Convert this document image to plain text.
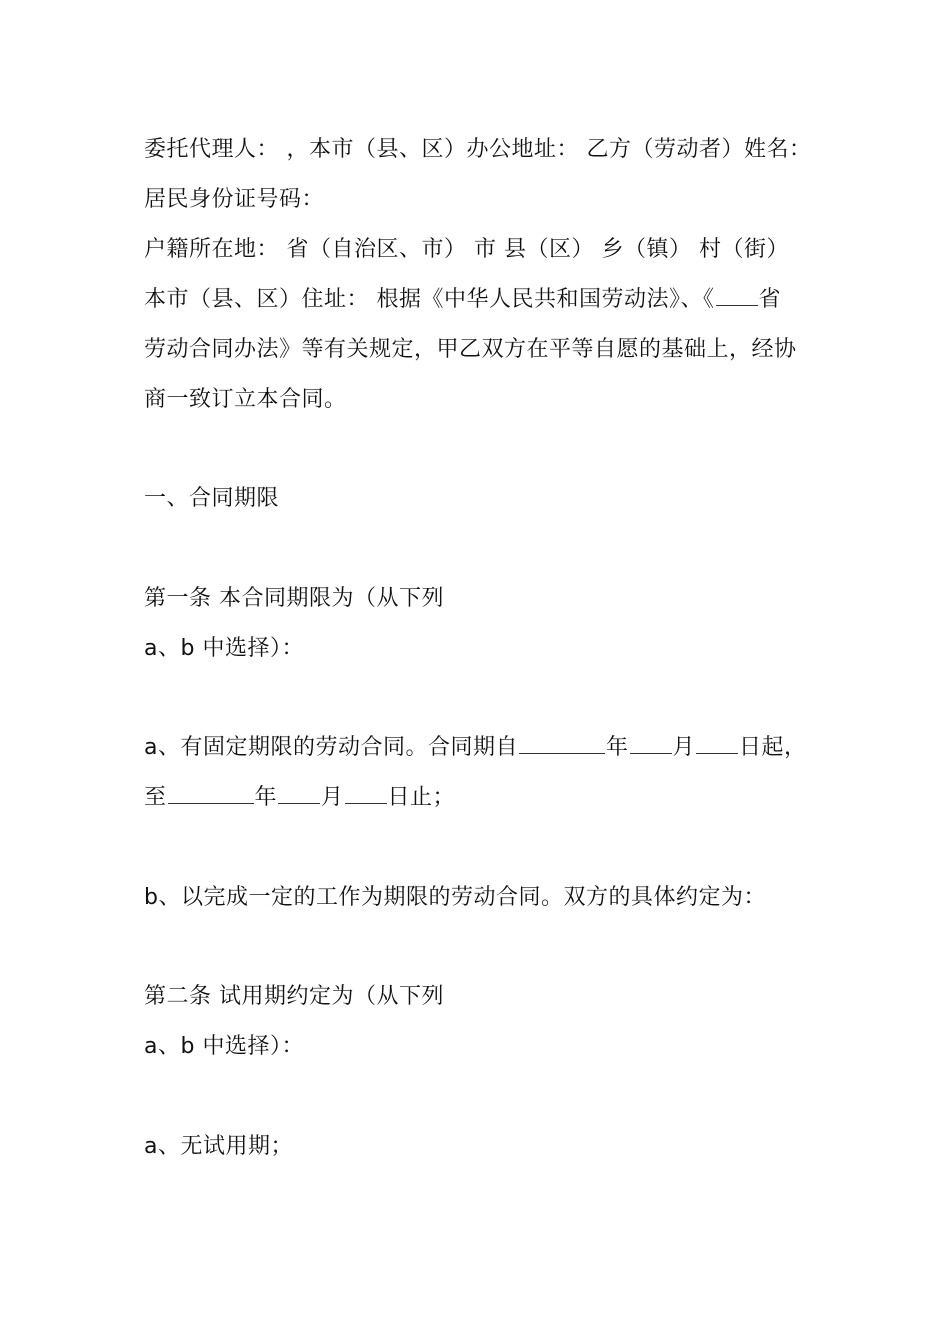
委托代理人： ，本市（县、区）办公地址： 乙方（劳动者）姓名：
居民身份证号码：
户籍所在地： 省（自治区、市） 市 县（区） 乡（镇） 村（街）
本市（县、区）住址： 根据《中华人民共和国劳动法》、《 省
劳动合同办法》等有关规定，甲乙双方在平等自愿的基础上，经协
商一致订立本合同。
一、合同期限
第一条 本合同期限为（从下列
a、b 中选择）：
a、有固定期限的劳动合同。合同期自	年 月 日起，
至	年 月 日止；
b、以完成一定的工作为期限的劳动合同。双方的具体约定为：
第二条 试用期约定为（从下列
a、b 中选择）：
a、无试用期；
